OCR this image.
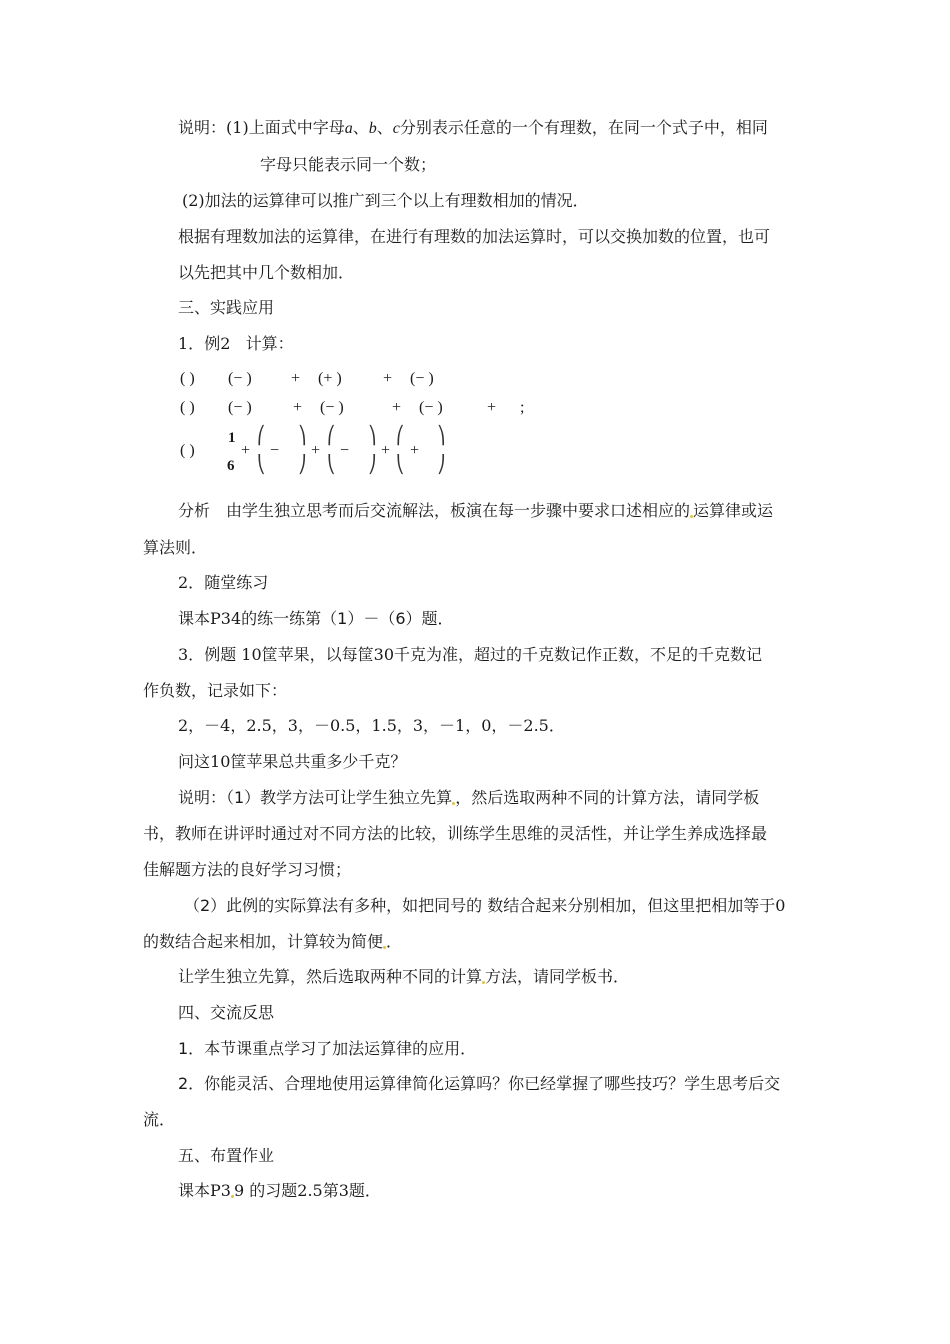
说明：(1)上面式中字母a、b、c分别表示任意的一个有理数，在同一个式子中，相同
字母只能表示同一个数；
(2)加法的运算律可以推广到三个以上有理数相加的情况．
根据有理数加法的运算律，在进行有理数的加法运算时，可以交换加数的位置，也可
以先把其中几个数相加．
三、实践应用
1．例2 计算：
( ) (− ) + (+ )	+ (− )
( ) (− )	+ (− )	+ (− )	+ ;
( )
1
6
+
⎛
⎝
−
⎞
⎠
+
⎛
⎝
−
⎞
⎠
+
⎛
⎝
+
⎞
⎠
分析　由学生独立思考而后交流解法，板演在每一步骤中要求口述相应的 运算律或运
算法则．
2．随堂练习
课本P34的练一练第（1）－（6）题．
3．例题 10筐苹果，以每筐30千克为准，超过的千克数记作正数，不足的千克数记
作负数，记录如下：
2，－4，2.5，3，－0.5，1.5，3，－1，0，－2.5．
问这10筐苹果总共重多少千克？
说明：（1）教学方法可让学生独立先算 ，然后选取两种不同的计算方法，请同学板
书，教师在讲评时通过对不同方法的比较，训练学生思维的灵活性，并让学生养成选择最
佳解题方法的良好学习习惯；
（2）此例的实际算法有多种，如把同号的 数结合起来分别相加，但这里把相加等于0
的数结合起来相加，计算较为简便 ．
让学生独立先算，然后选取两种不同的计算 方法，请同学板书．
四、交流反思
1．本节课重点学习了加法运算律的应用．
2．你能灵活、合理地使用运算律简化运算吗？你已经掌握了哪些技巧？学生思考后交
流．
五、布置作业
课本P3 9 的习题2.5第3题．
